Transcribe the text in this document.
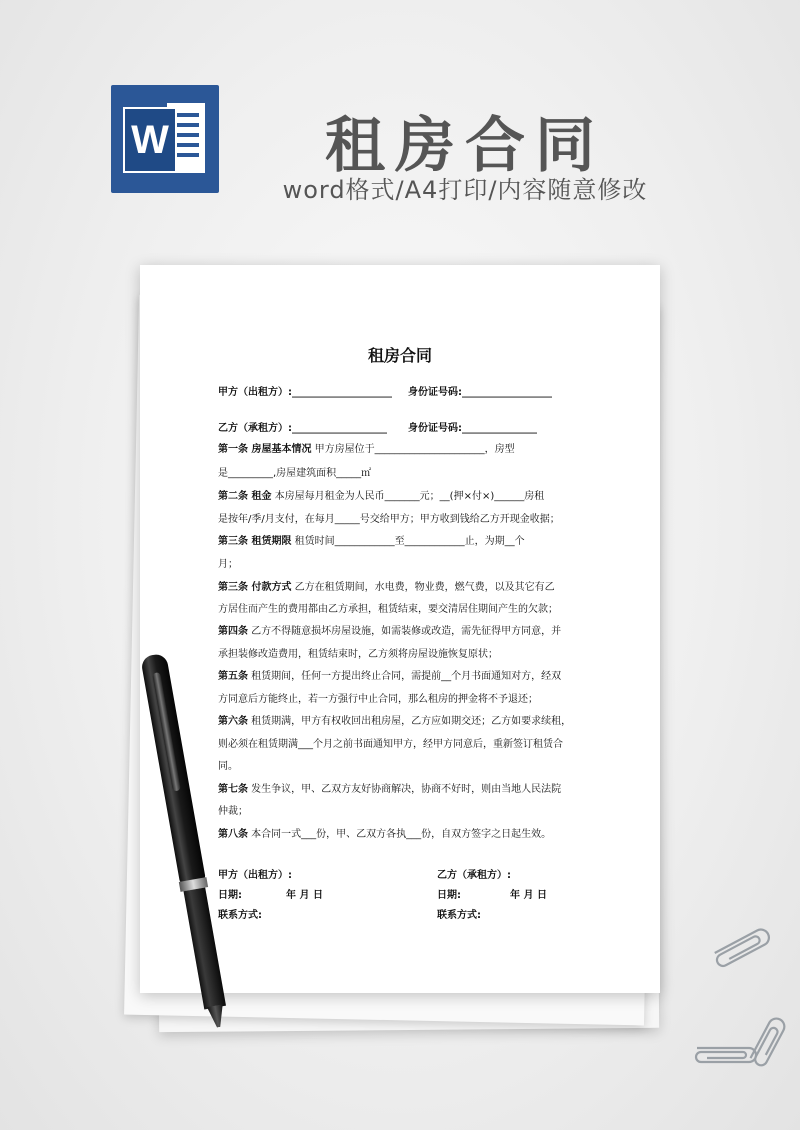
W	租房合同
word格式/A4打印/内容随意修改
租房合同
甲方（出租方）:____________________ 身份证号码:__________________
乙方（承租方）:___________________ 身份证号码:_______________
第一条 房屋基本情况 甲方房屋位于______________________，房型
是_________,房屋建筑面积_____㎡
第二条 租金 本房屋每月租金为人民币_______元；__(押×付×)______房租
是按年/季/月支付，在每月_____号交给甲方；甲方收到钱给乙方开现金收据；
第三条 租赁期限 租赁时间____________至____________止，为期__个
月；
第三条 付款方式 乙方在租赁期间，水电费，物业费，燃气费，以及其它有乙
方居住而产生的费用都由乙方承担，租赁结束，要交清居住期间产生的欠款；
第四条 乙方不得随意损坏房屋设施，如需装修或改造，需先征得甲方同意，并
承担装修改造费用，租赁结束时，乙方须将房屋设施恢复原状；
第五条 租赁期间，任何一方提出终止合同，需提前__个月书面通知对方，经双
方同意后方能终止，若一方强行中止合同，那么租房的押金将不予退还；
第六条 租赁期满，甲方有权收回出租房屋，乙方应如期交还；乙方如要求续租，
则必须在租赁期满___个月之前书面通知甲方，经甲方同意后，重新签订租赁合
同。
第七条 发生争议，甲、乙双方友好协商解决，协商不好时，则由当地人民法院
仲裁；
第八条 本合同一式___份，甲、乙双方各执___份，自双方签字之日起生效。
甲方（出租方）:	乙方（承租方）:
日期:	年 月 日	日期:	年 月 日
联系方式:	联系方式:
